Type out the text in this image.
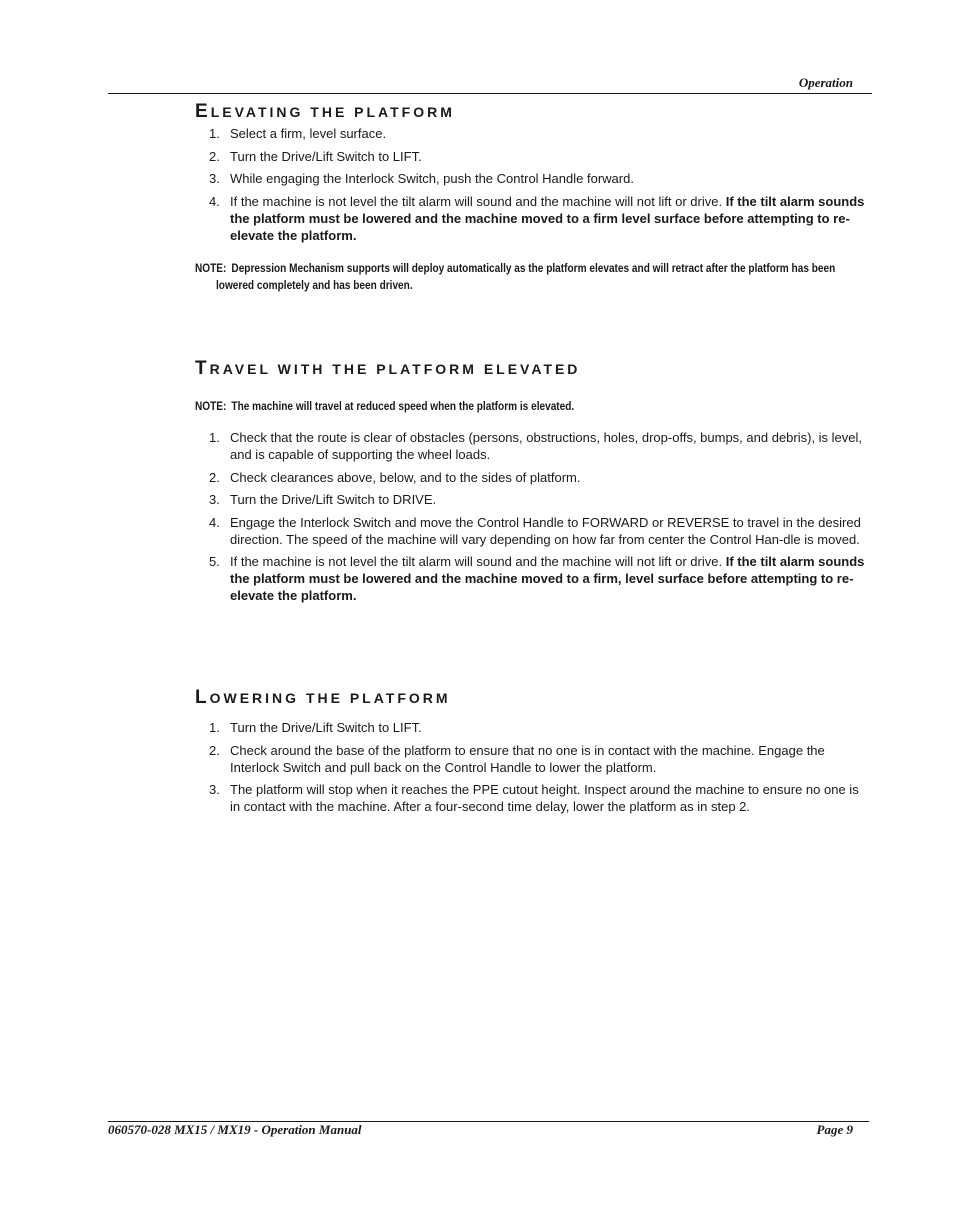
Operation
ELEVATING THE PLATFORM
1. Select a firm, level surface.
2. Turn the Drive/Lift Switch to LIFT.
3. While engaging the Interlock Switch, push the Control Handle forward.
4. If the machine is not level the tilt alarm will sound and the machine will not lift or drive. If the tilt alarm sounds the platform must be lowered and the machine moved to a firm level surface before attempting to re-elevate the platform.
NOTE: Depression Mechanism supports will deploy automatically as the platform elevates and will retract after the platform has been lowered completely and has been driven.
TRAVEL WITH THE PLATFORM ELEVATED
NOTE: The machine will travel at reduced speed when the platform is elevated.
1. Check that the route is clear of obstacles (persons, obstructions, holes, drop-offs, bumps, and debris), is level, and is capable of supporting the wheel loads.
2. Check clearances above, below, and to the sides of platform.
3. Turn the Drive/Lift Switch to DRIVE.
4. Engage the Interlock Switch and move the Control Handle to FORWARD or REVERSE to travel in the desired direction. The speed of the machine will vary depending on how far from center the Control Han-dle is moved.
5. If the machine is not level the tilt alarm will sound and the machine will not lift or drive. If the tilt alarm sounds the platform must be lowered and the machine moved to a firm, level surface before attempting to re-elevate the platform.
LOWERING THE PLATFORM
1. Turn the Drive/Lift Switch to LIFT.
2. Check around the base of the platform to ensure that no one is in contact with the machine. Engage the Interlock Switch and pull back on the Control Handle to lower the platform.
3. The platform will stop when it reaches the PPE cutout height. Inspect around the machine to ensure no one is in contact with the machine. After a four-second time delay, lower the platform as in step 2.
060570-028 MX15 / MX19 - Operation Manual	Page 9
